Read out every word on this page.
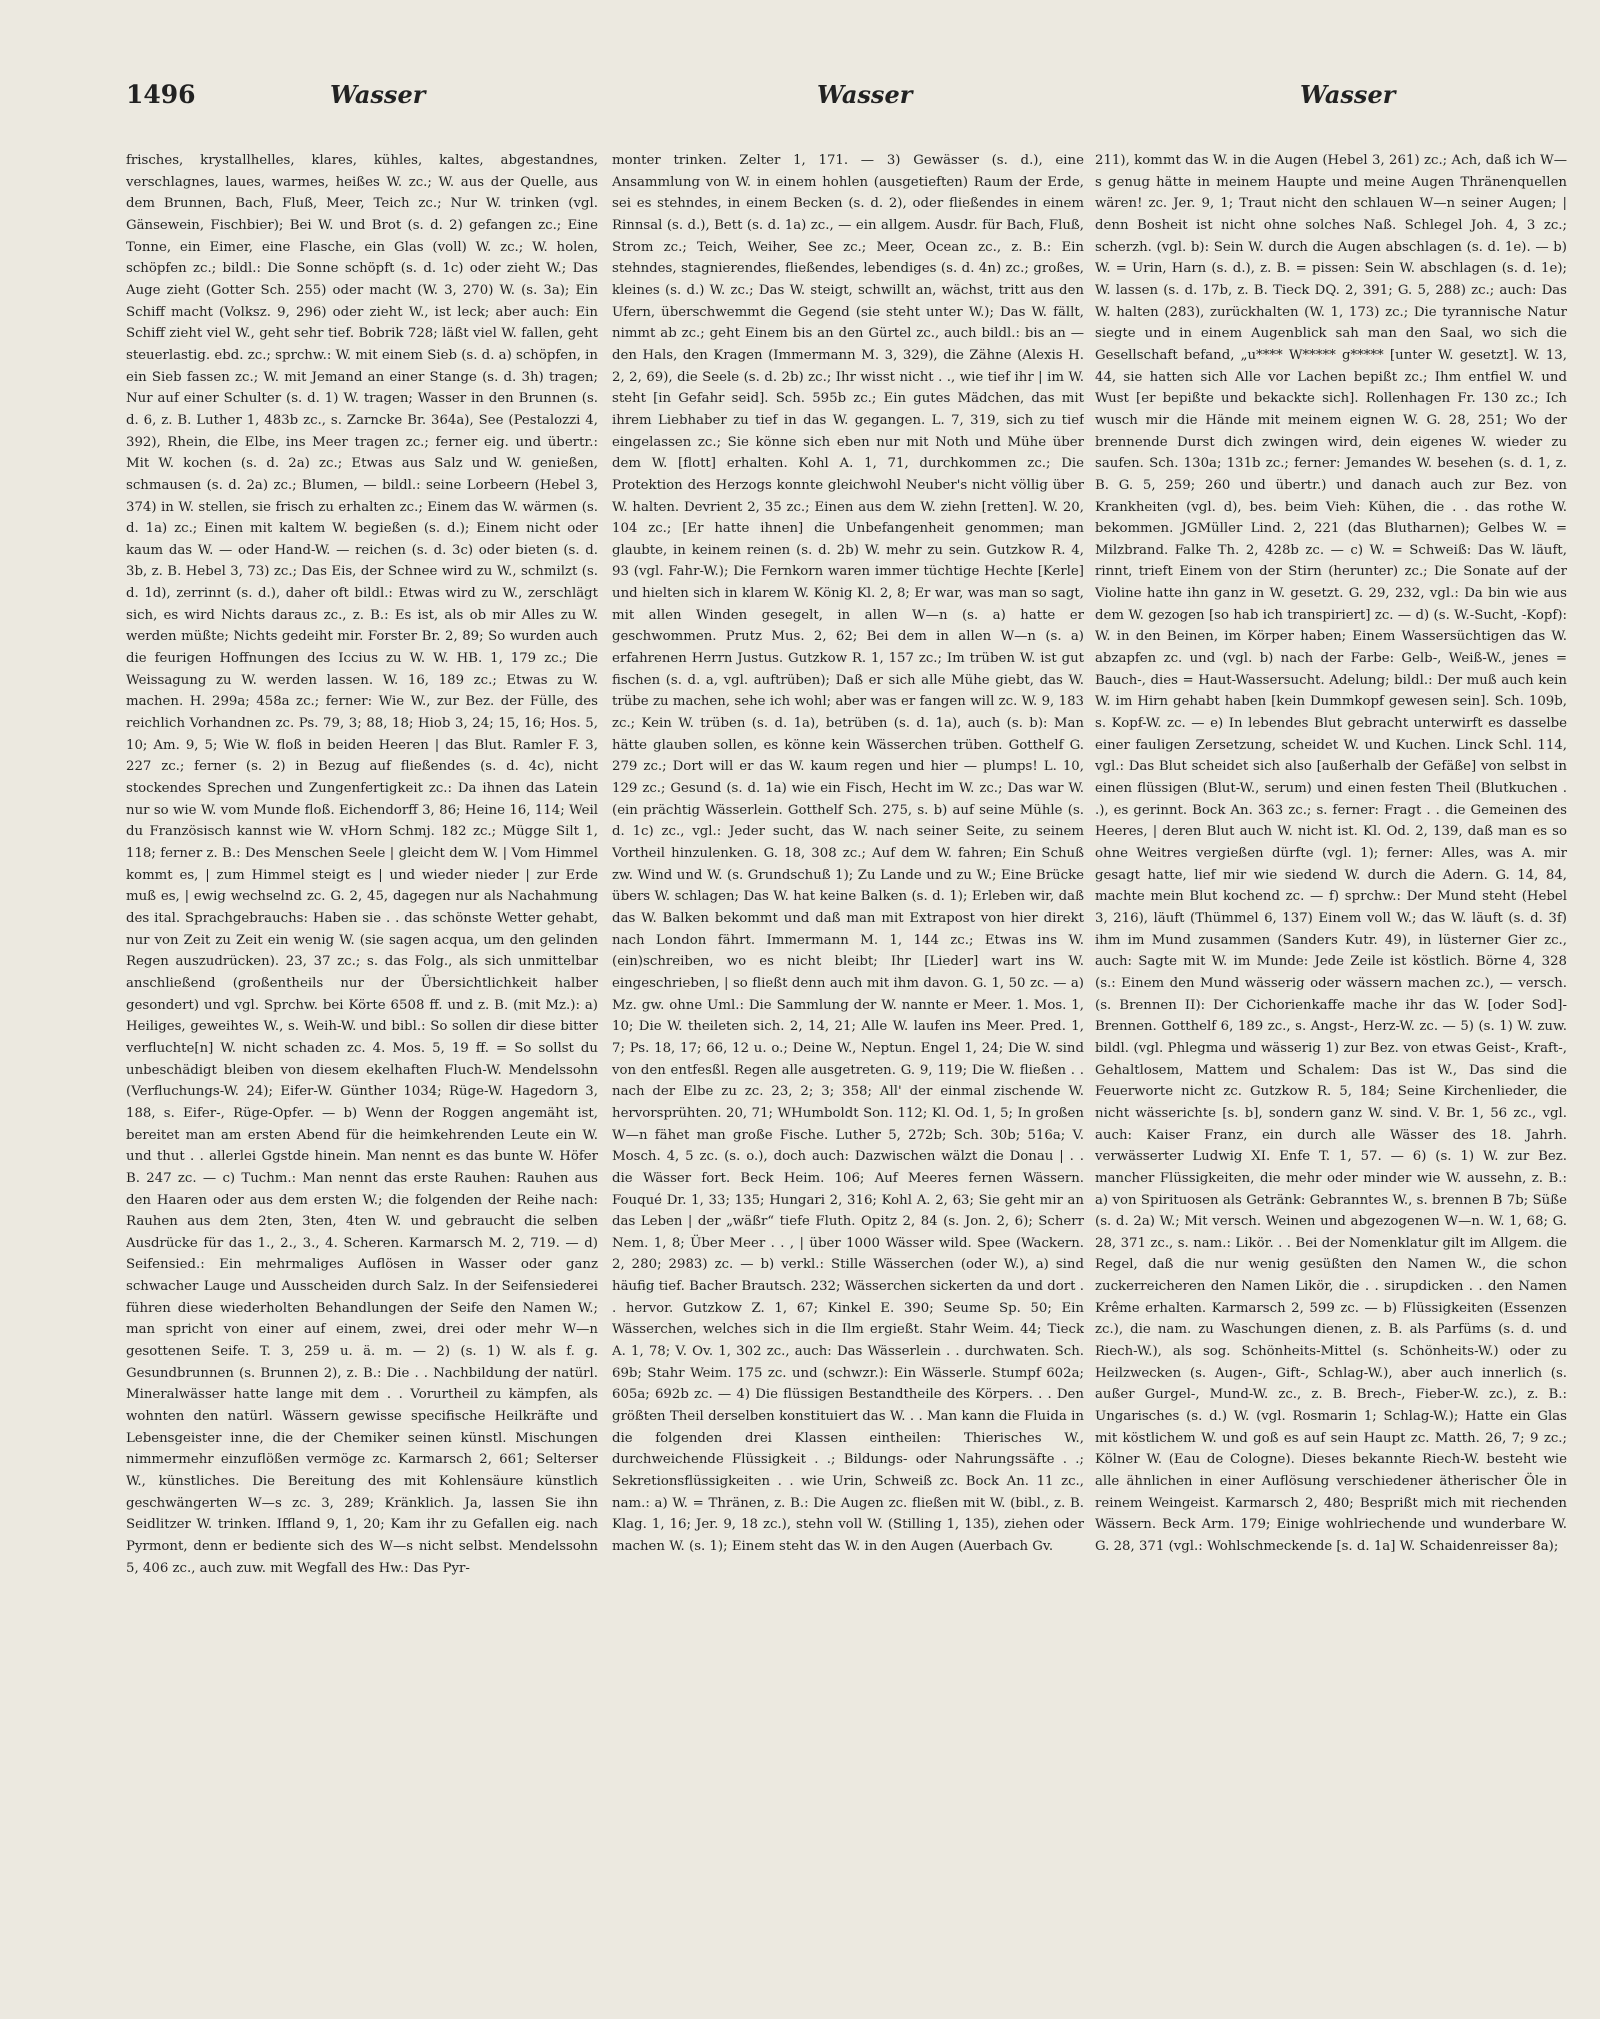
1496	Wasser	Wasser	Wasser

frisches, krystallhelles, klares, kühles, kaltes, abgestandnes, verschlagnes, laues, warmes, heißes W. zc.; W. aus der Quelle, aus dem Brunnen, Bach, Fluß, Meer, Teich zc.; Nur W. trinken (vgl. Gänsewein, Fischbier); Bei W. und Brot (s. d. 2) gefangen zc.; Eine Tonne, ein Eimer, eine Flasche, ein Glas (voll) W. zc.; W. holen, schöpfen zc.; bildl.: Die Sonne schöpft (s. d. 1c) oder zieht W.; Das Auge zieht (Gotter Sch. 255) oder macht (W. 3, 270) W. (s. 3a); Ein Schiff macht (Volksz. 9, 296) oder zieht W., ist leck; aber auch: Ein Schiff zieht viel W., geht sehr tief. Bobrik 728; läßt viel W. fallen, geht steuerlastig. ebd. zc.; sprchw.: W. mit einem Sieb (s. d. a) schöpfen, in ein Sieb fassen zc.; W. mit Jemand an einer Stange (s. d. 3h) tragen; Nur auf einer Schulter (s. d. 1) W. tragen; Wasser in den Brunnen (s. d. 6, z. B. Luther 1, 483b zc., s. Zarncke Br. 364a), See (Pestalozzi 4, 392), Rhein, die Elbe, ins Meer tragen zc.; ferner eig. und übertr.: Mit W. kochen (s. d. 2a) zc.; Etwas aus Salz und W. genießen, schmausen (s. d. 2a) zc.; Blumen, — bildl.: seine Lorbeern (Hebel 3, 374) in W. stellen, sie frisch zu erhalten zc.; Einem das W. wärmen (s. d. 1a) zc.; Einen mit kaltem W. begießen (s. d.); Einem nicht oder kaum das W. — oder Hand-W. — reichen (s. d. 3c) oder bieten (s. d. 3b, z. B. Hebel 3, 73) zc.; Das Eis, der Schnee wird zu W., schmilzt (s. d. 1d), zerrinnt (s. d.), daher oft bildl.: Etwas wird zu W., zerschlägt sich, es wird Nichts daraus zc., z. B.: Es ist, als ob mir Alles zu W. werden müßte; Nichts gedeiht mir. Forster Br. 2, 89; So wurden auch die feurigen Hoffnungen des Iccius zu W. W. HB. 1, 179 zc.; Die Weissagung zu W. werden lassen. W. 16, 189 zc.; Etwas zu W. machen. H. 299a; 458a zc.; ferner: Wie W., zur Bez. der Fülle, des reichlich Vorhandnen zc. Ps. 79, 3; 88, 18; Hiob 3, 24; 15, 16; Hos. 5, 10; Am. 9, 5; Wie W. floß in beiden Heeren | das Blut. Ramler F. 3, 227 zc.; ferner (s. 2) in Bezug auf fließendes (s. d. 4c), nicht stockendes Sprechen und Zungenfertigkeit zc.: Da ihnen das Latein nur so wie W. vom Munde floß. Eichendorff 3, 86; Heine 16, 114; Weil du Französisch kannst wie W. vHorn Schmj. 182 zc.; Mügge Silt 1, 118; ferner z. B.: Des Menschen Seele | gleicht dem W. | Vom Himmel kommt es, | zum Himmel steigt es | und wieder nieder | zur Erde muß es, | ewig wechselnd zc. G. 2, 45, dagegen nur als Nachahmung des ital. Sprachgebrauchs: Haben sie . . das schönste Wetter gehabt, nur von Zeit zu Zeit ein wenig W. (sie sagen acqua, um den gelinden Regen auszudrücken). 23, 37 zc.; s. das Folg., als sich unmittelbar anschließend (großentheils nur der Übersichtlichkeit halber gesondert) und vgl. Sprchw. bei Körte 6508 ff. und z. B. (mit Mz.): a) Heiliges, geweihtes W., s. Weih-W. und bibl.: So sollen dir diese bitter verfluchte[n] W. nicht schaden zc. 4. Mos. 5, 19 ff. = So sollst du unbeschädigt bleiben von diesem ekelhaften Fluch-W. Mendelssohn (Verfluchungs-W. 24); Eifer-W. Günther 1034; Rüge-W. Hagedorn 3, 188, s. Eifer-, Rüge-Opfer. — b) Wenn der Roggen angemäht ist, bereitet man am ersten Abend für die heimkehrenden Leute ein W. und thut . . allerlei Ggstde hinein. Man nennt es das bunte W. Höfer B. 247 zc. — c) Tuchm.: Man nennt das erste Rauhen: Rauhen aus den Haaren oder aus dem ersten W.; die folgenden der Reihe nach: Rauhen aus dem 2ten, 3ten, 4ten W. und gebraucht die selben Ausdrücke für das 1., 2., 3., 4. Scheren. Karmarsch M. 2, 719. — d) Seifensied.: Ein mehrmaliges Auflösen in Wasser oder ganz schwacher Lauge und Ausscheiden durch Salz. In der Seifensiederei führen diese wiederholten Behandlungen der Seife den Namen W.; man spricht von einer auf einem, zwei, drei oder mehr W—n gesottenen Seife. T. 3, 259 u. ä. m. — 2) (s. 1) W. als f. g. Gesundbrunnen (s. Brunnen 2), z. B.: Die . . Nachbildung der natürl. Mineralwässer hatte lange mit dem . . Vorurtheil zu kämpfen, als wohnten den natürl. Wässern gewisse specifische Heilkräfte und Lebensgeister inne, die der Chemiker seinen künstl. Mischungen nimmermehr einzuflößen vermöge zc. Karmarsch 2, 661; Selterser W., künstliches. Die Bereitung des mit Kohlensäure künstlich geschwängerten W—s zc. 3, 289; Kränklich. Ja, lassen Sie ihn Seidlitzer W. trinken. Iffland 9, 1, 20; Kam ihr zu Gefallen eig. nach Pyrmont, denn er bediente sich des W—s nicht selbst. Mendelssohn 5, 406 zc., auch zuw. mit Wegfall des Hw.: Das Pyr-

monter trinken. Zelter 1, 171. — 3) Gewässer (s. d.), eine Ansammlung von W. in einem hohlen (ausgetieften) Raum der Erde, sei es stehndes, in einem Becken (s. d. 2), oder fließendes in einem Rinnsal (s. d.), Bett (s. d. 1a) zc., — ein allgem. Ausdr. für Bach, Fluß, Strom zc.; Teich, Weiher, See zc.; Meer, Ocean zc., z. B.: Ein stehndes, stagnierendes, fließendes, lebendiges (s. d. 4n) zc.; großes, kleines (s. d.) W. zc.; Das W. steigt, schwillt an, wächst, tritt aus den Ufern, überschwemmt die Gegend (sie steht unter W.); Das W. fällt, nimmt ab zc.; geht Einem bis an den Gürtel zc., auch bildl.: bis an — den Hals, den Kragen (Immermann M. 3, 329), die Zähne (Alexis H. 2, 2, 69), die Seele (s. d. 2b) zc.; Ihr wisst nicht . ., wie tief ihr | im W. steht [in Gefahr seid]. Sch. 595b zc.; Ein gutes Mädchen, das mit ihrem Liebhaber zu tief in das W. gegangen. L. 7, 319, sich zu tief eingelassen zc.; Sie könne sich eben nur mit Noth und Mühe über dem W. [flott] erhalten. Kohl A. 1, 71, durchkommen zc.; Die Protektion des Herzogs konnte gleichwohl Neuber's nicht völlig über W. halten. Devrient 2, 35 zc.; Einen aus dem W. ziehn [retten]. W. 20, 104 zc.; [Er hatte ihnen] die Unbefangenheit genommen; man glaubte, in keinem reinen (s. d. 2b) W. mehr zu sein. Gutzkow R. 4, 93 (vgl. Fahr-W.); Die Fernkorn waren immer tüchtige Hechte [Kerle] und hielten sich in klarem W. König Kl. 2, 8; Er war, was man so sagt, mit allen Winden gesegelt, in allen W—n (s. a) hatte er geschwommen. Prutz Mus. 2, 62; Bei dem in allen W—n (s. a) erfahrenen Herrn Justus. Gutzkow R. 1, 157 zc.; Im trüben W. ist gut fischen (s. d. a, vgl. auftrüben); Daß er sich alle Mühe giebt, das W. trübe zu machen, sehe ich wohl; aber was er fangen will zc. W. 9, 183 zc.; Kein W. trüben (s. d. 1a), betrüben (s. d. 1a), auch (s. b): Man hätte glauben sollen, es könne kein Wässerchen trüben. Gotthelf G. 279 zc.; Dort will er das W. kaum regen und hier — plumps! L. 10, 129 zc.; Gesund (s. d. 1a) wie ein Fisch, Hecht im W. zc.; Das war W. (ein prächtig Wässerlein. Gotthelf Sch. 275, s. b) auf seine Mühle (s. d. 1c) zc., vgl.: Jeder sucht, das W. nach seiner Seite, zu seinem Vortheil hinzulenken. G. 18, 308 zc.; Auf dem W. fahren; Ein Schuß zw. Wind und W. (s. Grundschuß 1); Zu Lande und zu W.; Eine Brücke übers W. schlagen; Das W. hat keine Balken (s. d. 1); Erleben wir, daß das W. Balken bekommt und daß man mit Extrapost von hier direkt nach London fährt. Immermann M. 1, 144 zc.; Etwas ins W. (ein)schreiben, wo es nicht bleibt; Ihr [Lieder] wart ins W. eingeschrieben, | so fließt denn auch mit ihm davon. G. 1, 50 zc. — a) Mz. gw. ohne Uml.: Die Sammlung der W. nannte er Meer. 1. Mos. 1, 10; Die W. theileten sich. 2, 14, 21; Alle W. laufen ins Meer. Pred. 1, 7; Ps. 18, 17; 66, 12 u. o.; Deine W., Neptun. Engel 1, 24; Die W. sind von den entfesßl. Regen alle ausgetreten. G. 9, 119; Die W. fließen . . nach der Elbe zu zc. 23, 2; 3; 358; All' der einmal zischende W. hervorsprühten. 20, 71; WHumboldt Son. 112; Kl. Od. 1, 5; In großen W—n fähet man große Fische. Luther 5, 272b; Sch. 30b; 516a; V. Mosch. 4, 5 zc. (s. o.), doch auch: Dazwischen wälzt die Donau | . . die Wässer fort. Beck Heim. 106; Auf Meeres fernen Wässern. Fouqué Dr. 1, 33; 135; Hungari 2, 316; Kohl A. 2, 63; Sie geht mir an das Leben | der „wäßr“ tiefe Fluth. Opitz 2, 84 (s. Jon. 2, 6); Scherr Nem. 1, 8; Über Meer . . , | über 1000 Wässer wild. Spee (Wackern. 2, 280; 2983) zc. — b) verkl.: Stille Wässerchen (oder W.), a) sind häufig tief. Bacher Brautsch. 232; Wässerchen sickerten da und dort . . hervor. Gutzkow Z. 1, 67; Kinkel E. 390; Seume Sp. 50; Ein Wässerchen, welches sich in die Ilm ergießt. Stahr Weim. 44; Tieck A. 1, 78; V. Ov. 1, 302 zc., auch: Das Wässerlein . . durchwaten. Sch. 69b; Stahr Weim. 175 zc. und (schwzr.): Ein Wässerle. Stumpf 602a; 605a; 692b zc. — 4) Die flüssigen Bestandtheile des Körpers. . . Den größten Theil derselben konstituiert das W. . . Man kann die Fluida in die folgenden drei Klassen eintheilen: Thierisches W., durchweichende Flüssigkeit . .; Bildungs- oder Nahrungssäfte . .; Sekretionsflüssigkeiten . . wie Urin, Schweiß zc. Bock An. 11 zc., nam.: a) W. = Thränen, z. B.: Die Augen zc. fließen mit W. (bibl., z. B. Klag. 1, 16; Jer. 9, 18 zc.), stehn voll W. (Stilling 1, 135), ziehen oder machen W. (s. 1); Einem steht das W. in den Augen (Auerbach Gv.

211), kommt das W. in die Augen (Hebel 3, 261) zc.; Ach, daß ich W—s genug hätte in meinem Haupte und meine Augen Thränenquellen wären! zc. Jer. 9, 1; Traut nicht den schlauen W—n seiner Augen; | denn Bosheit ist nicht ohne solches Naß. Schlegel Joh. 4, 3 zc.; scherzh. (vgl. b): Sein W. durch die Augen abschlagen (s. d. 1e). — b) W. = Urin, Harn (s. d.), z. B. = pissen: Sein W. abschlagen (s. d. 1e); W. lassen (s. d. 17b, z. B. Tieck DQ. 2, 391; G. 5, 288) zc.; auch: Das W. halten (283), zurückhalten (W. 1, 173) zc.; Die tyrannische Natur siegte und in einem Augenblick sah man den Saal, wo sich die Gesellschaft befand, „u**** W***** g***** [unter W. gesetzt]. W. 13, 44, sie hatten sich Alle vor Lachen bepißt zc.; Ihm entfiel W. und Wust [er bepißte und bekackte sich]. Rollenhagen Fr. 130 zc.; Ich wusch mir die Hände mit meinem eignen W. G. 28, 251; Wo der brennende Durst dich zwingen wird, dein eigenes W. wieder zu saufen. Sch. 130a; 131b zc.; ferner: Jemandes W. besehen (s. d. 1, z. B. G. 5, 259; 260 und übertr.) und danach auch zur Bez. von Krankheiten (vgl. d), bes. beim Vieh: Kühen, die . . das rothe W. bekommen. JGMüller Lind. 2, 221 (das Blutharnen); Gelbes W. = Milzbrand. Falke Th. 2, 428b zc. — c) W. = Schweiß: Das W. läuft, rinnt, trieft Einem von der Stirn (herunter) zc.; Die Sonate auf der Violine hatte ihn ganz in W. gesetzt. G. 29, 232, vgl.: Da bin wie aus dem W. gezogen [so hab ich transpiriert] zc. — d) (s. W.-Sucht, -Kopf): W. in den Beinen, im Körper haben; Einem Wassersüchtigen das W. abzapfen zc. und (vgl. b) nach der Farbe: Gelb-, Weiß-W., jenes = Bauch-, dies = Haut-Wassersucht. Adelung; bildl.: Der muß auch kein W. im Hirn gehabt haben [kein Dummkopf gewesen sein]. Sch. 109b, s. Kopf-W. zc. — e) In lebendes Blut gebracht unterwirft es dasselbe einer fauligen Zersetzung, scheidet W. und Kuchen. Linck Schl. 114, vgl.: Das Blut scheidet sich also [außerhalb der Gefäße] von selbst in einen flüssigen (Blut-W., serum) und einen festen Theil (Blutkuchen . .), es gerinnt. Bock An. 363 zc.; s. ferner: Fragt . . die Gemeinen des Heeres, | deren Blut auch W. nicht ist. Kl. Od. 2, 139, daß man es so ohne Weitres vergießen dürfte (vgl. 1); ferner: Alles, was A. mir gesagt hatte, lief mir wie siedend W. durch die Adern. G. 14, 84, machte mein Blut kochend zc. — f) sprchw.: Der Mund steht (Hebel 3, 216), läuft (Thümmel 6, 137) Einem voll W.; das W. läuft (s. d. 3f) ihm im Mund zusammen (Sanders Kutr. 49), in lüsterner Gier zc., auch: Sagte mit W. im Munde: Jede Zeile ist köstlich. Börne 4, 328 (s.: Einem den Mund wässerig oder wässern machen zc.), — versch. (s. Brennen II): Der Cichorienkaffe mache ihr das W. [oder Sod]-Brennen. Gotthelf 6, 189 zc., s. Angst-, Herz-W. zc. — 5) (s. 1) W. zuw. bildl. (vgl. Phlegma und wässerig 1) zur Bez. von etwas Geist-, Kraft-, Gehaltlosem, Mattem und Schalem: Das ist W., Das sind die Feuerworte nicht zc. Gutzkow R. 5, 184; Seine Kirchenlieder, die nicht wässerichte [s. b], sondern ganz W. sind. V. Br. 1, 56 zc., vgl. auch: Kaiser Franz, ein durch alle Wässer des 18. Jahrh. verwässerter Ludwig XI. Enfe T. 1, 57. — 6) (s. 1) W. zur Bez. mancher Flüssigkeiten, die mehr oder minder wie W. aussehn, z. B.: a) von Spirituosen als Getränk: Gebranntes W., s. brennen B 7b; Süße (s. d. 2a) W.; Mit versch. Weinen und abgezogenen W—n. W. 1, 68; G. 28, 371 zc., s. nam.: Likör. . . Bei der Nomenklatur gilt im Allgem. die Regel, daß die nur wenig gesüßten den Namen W., die schon zuckerreicheren den Namen Likör, die . . sirupdicken . . den Namen Krême erhalten. Karmarsch 2, 599 zc. — b) Flüssigkeiten (Essenzen zc.), die nam. zu Waschungen dienen, z. B. als Parfüms (s. d. und Riech-W.), als sog. Schönheits-Mittel (s. Schönheits-W.) oder zu Heilzwecken (s. Augen-, Gift-, Schlag-W.), aber auch innerlich (s. außer Gurgel-, Mund-W. zc., z. B. Brech-, Fieber-W. zc.), z. B.: Ungarisches (s. d.) W. (vgl. Rosmarin 1; Schlag-W.); Hatte ein Glas mit köstlichem W. und goß es auf sein Haupt zc. Matth. 26, 7; 9 zc.; Kölner W. (Eau de Cologne). Dieses bekannte Riech-W. besteht wie alle ähnlichen in einer Auflösung verschiedener ätherischer Öle in reinem Weingeist. Karmarsch 2, 480; Besprißt mich mit riechenden Wässern. Beck Arm. 179; Einige wohlriechende und wunderbare W. G. 28, 371 (vgl.: Wohlschmeckende [s. d. 1a] W. Schaidenreisser 8a);
